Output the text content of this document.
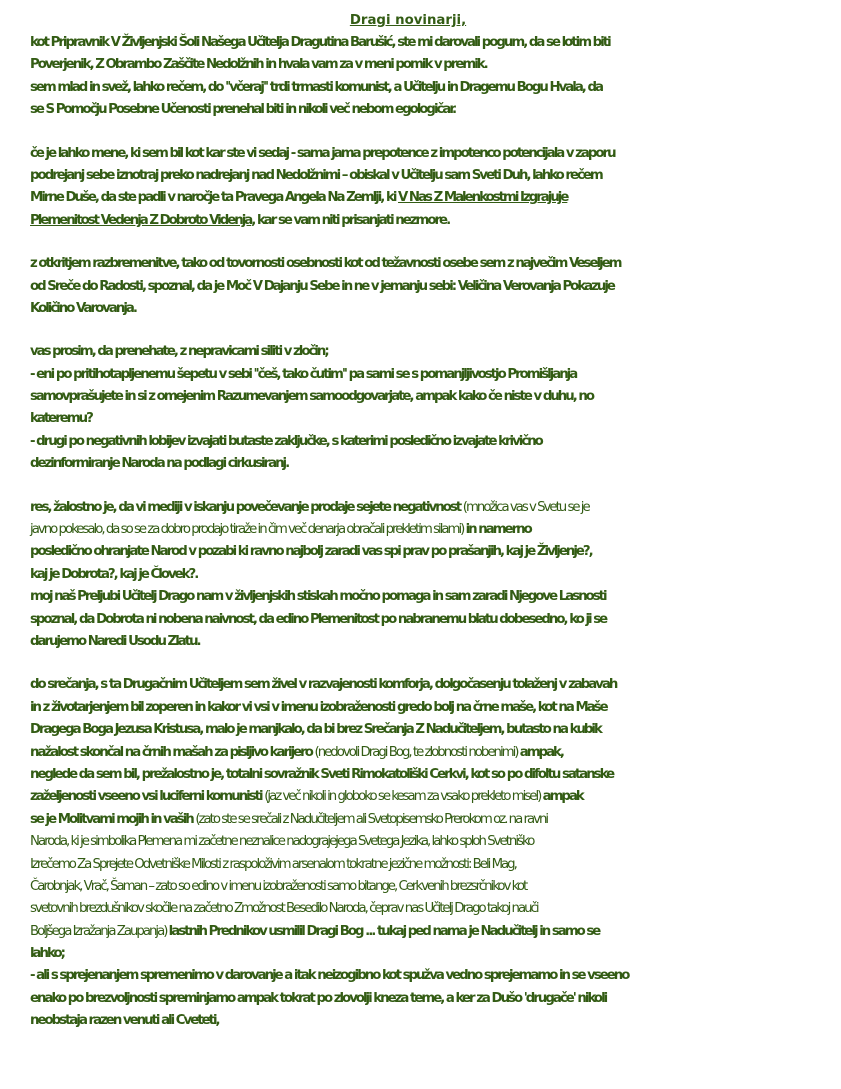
Dragi novinarji,
kot Pripravnik V Življenjski Šoli Našega Učitelja Dragutina Barušić, ste mi darovali pogum, da se lotim biti
Poverjenik, Z Obrambo Zaščite Nedolžnih in hvala vam za v meni pomik v premik.
sem mlad in svež, lahko rečem, do ''včeraj'' trdi trmasti komunist, a Učitelju in Dragemu Bogu Hvala, da
se S Pomočju Posebne Učenosti prenehal biti in nikoli več nebom egologičar.
če je lahko mene, ki sem bil kot kar ste vi sedaj - sama jama prepotence z impotenco potencijala v zaporu
podrejanj sebe iznotraj preko nadrejanj nad Nedolžnimi – obiskal v Učitelju sam Sveti Duh, lahko rečem
Mirne Duše, da ste padli v naročje ta Pravega Angela Na Zemlji, ki V Nas Z Malenkostmi Izgrajuje
Plemenitost Vedenja Z Dobroto Videnja, kar se vam niti prisanjati nezmore.
z otkritjem razbremenitve, tako od tovornosti osebnosti kot od težavnosti osebe sem z največim Veseljem
od Sreče do Radosti, spoznal, da je Moč V Dajanju Sebe in ne v jemanju sebi: Veličina Verovanja Pokazuje
Količino Varovanja.
vas prosim, da prenehate, z nepravicami siliti v zločin;
- eni po pritihotapljenemu šepetu v sebi ''češ, tako čutim'' pa sami se s pomanjljivostjo Promišljanja
samovprašujete in si z omejenim Razumevanjem samoodgovarjate, ampak kako če niste v duhu, no
kateremu?
- drugi po negativnih lobijev izvajati butaste zaključke, s katerimi posledično izvajate krivično
dezinformiranje Naroda na podlagi cirkusiranj.
res, žalostno je, da vi mediji v iskanju povečevanje prodaje sejete negativnost (množica vas v Svetu se je
javno pokesalo, da so se za dobro prodajo tiraže in čim več denarja obračali prekletim silami) in namerno
posledično ohranjate Narod v pozabi ki ravno najbolj zaradi vas spi prav po prašanjih, kaj je Življenje?,
kaj je Dobrota?, kaj je Človek?.
moj naš Preljubi Učitelj Drago nam v življenjskih stiskah močno pomaga in sam zaradi Njegove Lasnosti
spoznal, da Dobrota ni nobena naivnost, da edino Plemenitost po nabranemu blatu dobesedno, ko ji se
darujemo Naredi Usodu Zlatu.
do srečanja, s ta Drugačnim Učiteljem sem živel v razvajenosti komforja, dolgočasenju tolaženj v zabavah
in z životarjenjem bil zoperen in kakor vi vsi v imenu izobraženosti gredo bolj na črne maše, kot na Maše
Dragega Boga Jezusa Kristusa, malo je manjkalo, da bi brez Srečanja Z Nadučiteljem, butasto na kubik
nažalost skončal na črnih mašah za pisljivo karijero (nedovoli Dragi Bog, te zlobnosti nobenimi) ampak,
neglede da sem bil, prežalostno je, totalni sovražnik Sveti Rimokatoliški Cerkvi, kot so po difoltu satanske
zaželjenosti vseeno vsi luciferni komunisti (jaz več nikoli in globoko se kesam za vsako prekleto misel) ampak
se je Molitvami mojih in vaših (zato ste se srečali z Nadučiteljem ali Svetopisemsko Prerokom oz. na ravni
Naroda, ki je simbolika Plemena mi začetne neznalice nadograjejega Svetega Jezika, lahko sploh Svetniško
Izrečemo Za Sprejete Odvetniške Milosti z raspoloživim arsenalom tokratne jezične možnosti: Beli Mag,
Čarobnjak, Vrač, Šaman – zato so edino v imenu izobraženosti samo bitange, Cerkvenih brezsrčnikov kot
svetovnih brezdušnikov skočile na začetno Zmožnost Besedilo Naroda, čeprav nas Učitelj Drago takoj nauči
Boljšega Izražanja Zaupanja) lastnih Prednikov usmilil Dragi Bog ... tukaj ped nama je Nadučitelj in samo se
lahko;
- ali s sprejenanjem spremenimo v darovanje a itak neizogibno kot spužva vedno sprejemamo in se vseeno
enako po brezvoljnosti spreminjamo ampak tokrat po zlovolji kneza teme, a ker za Dušo 'drugače' nikoli
neobstaja razen venuti ali Cveteti,
